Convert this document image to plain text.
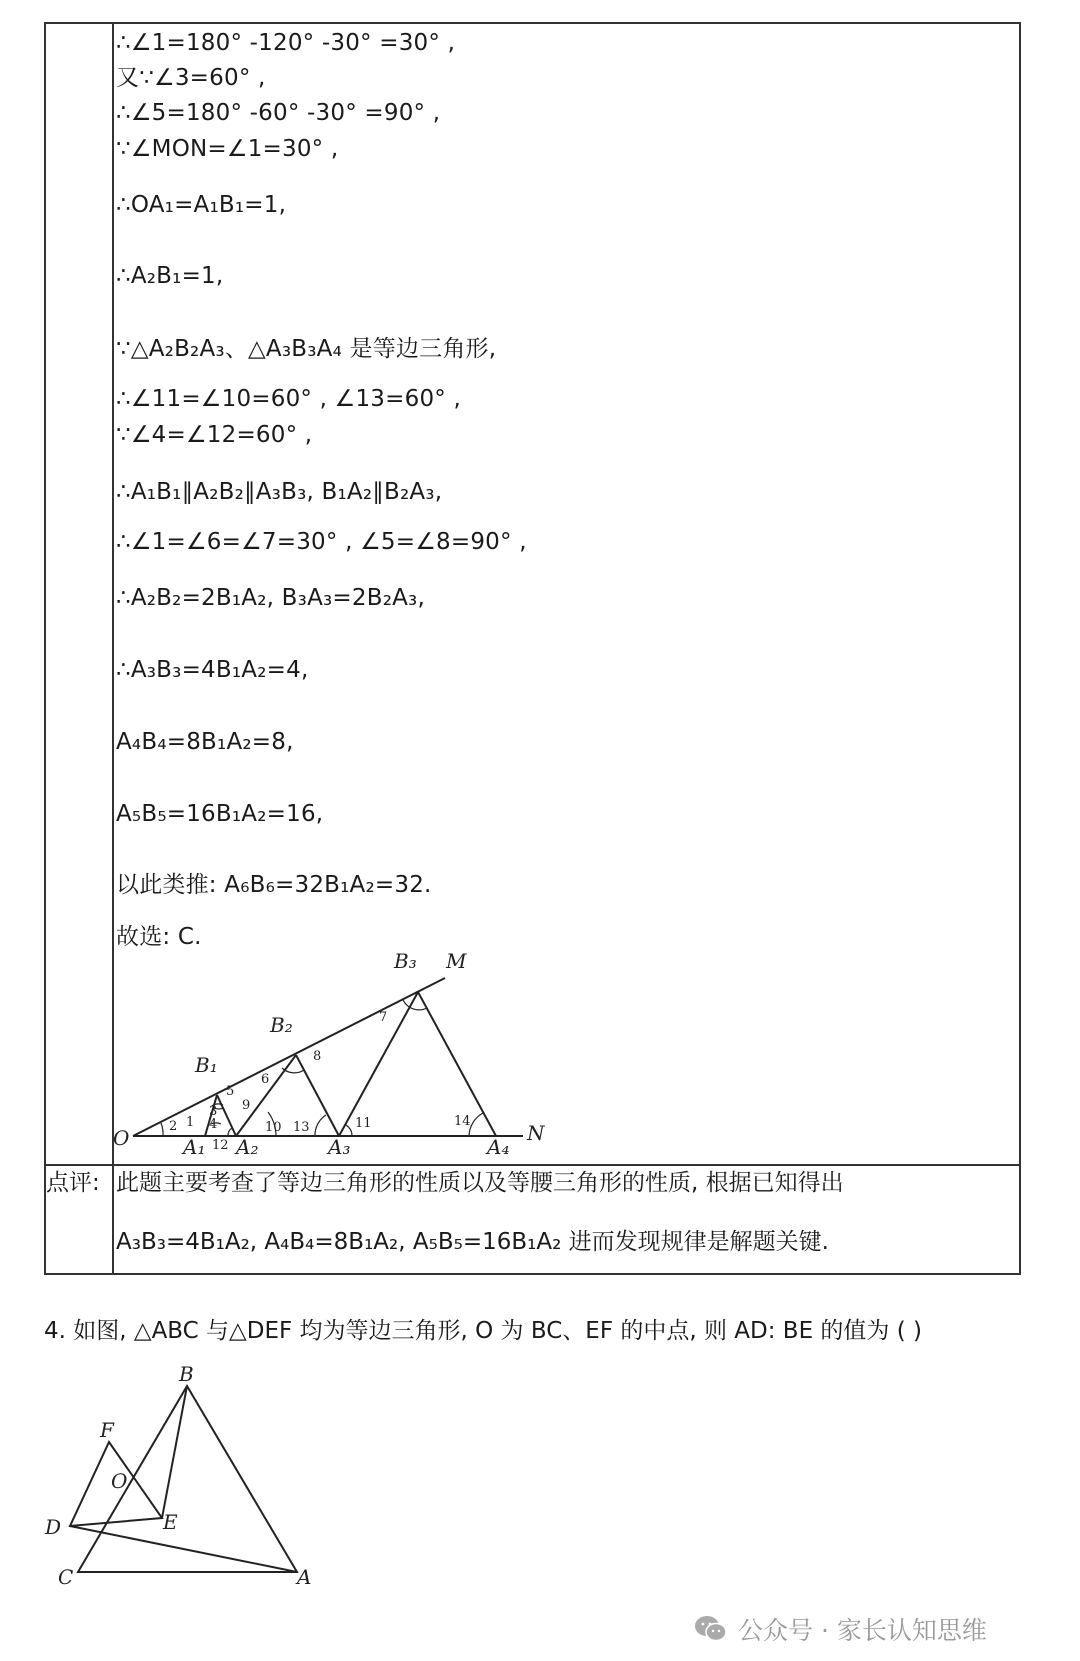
∴∠1=180° -120° -30° =30° ,
又∵∠3=60° ,
∴∠5=180° -60° -30° =90° ,
∵∠MON=∠1=30° ,
∴OA₁=A₁B₁=1,
∴A₂B₁=1,
∵△A₂B₂A₃、△A₃B₃A₄ 是等边三角形,
∴∠11=∠10=60° , ∠13=60° ,
∵∠4=∠12=60° ,
∴A₁B₁∥A₂B₂∥A₃B₃, B₁A₂∥B₂A₃,
∴∠1=∠6=∠7=30° , ∠5=∠8=90° ,
∴A₂B₂=2B₁A₂, B₃A₃=2B₂A₃,
∴A₃B₃=4B₁A₂=4,
A₄B₄=8B₁A₂=8,
A₅B₅=16B₁A₂=16,
以此类推: A₆B₆=32B₁A₂=32.
故选: C.
O	A₁ A₂	A₃	A₄
N
B₁
B₂
B₃ M
1
2
3
4
5
6
7
8
9
10	11
12
13	14
点评: 此题主要考查了等边三角形的性质以及等腰三角形的性质, 根据已知得出
A₃B₃=4B₁A₂, A₄B₄=8B₁A₂, A₅B₅=16B₁A₂ 进而发现规律是解题关键.
4. 如图, △ABC 与△DEF 均为等边三角形, O 为 BC、EF 的中点, 则 AD: BE 的值为 ( )
B
F
O
E
D
C	A
公众号 · 家长认知思维
